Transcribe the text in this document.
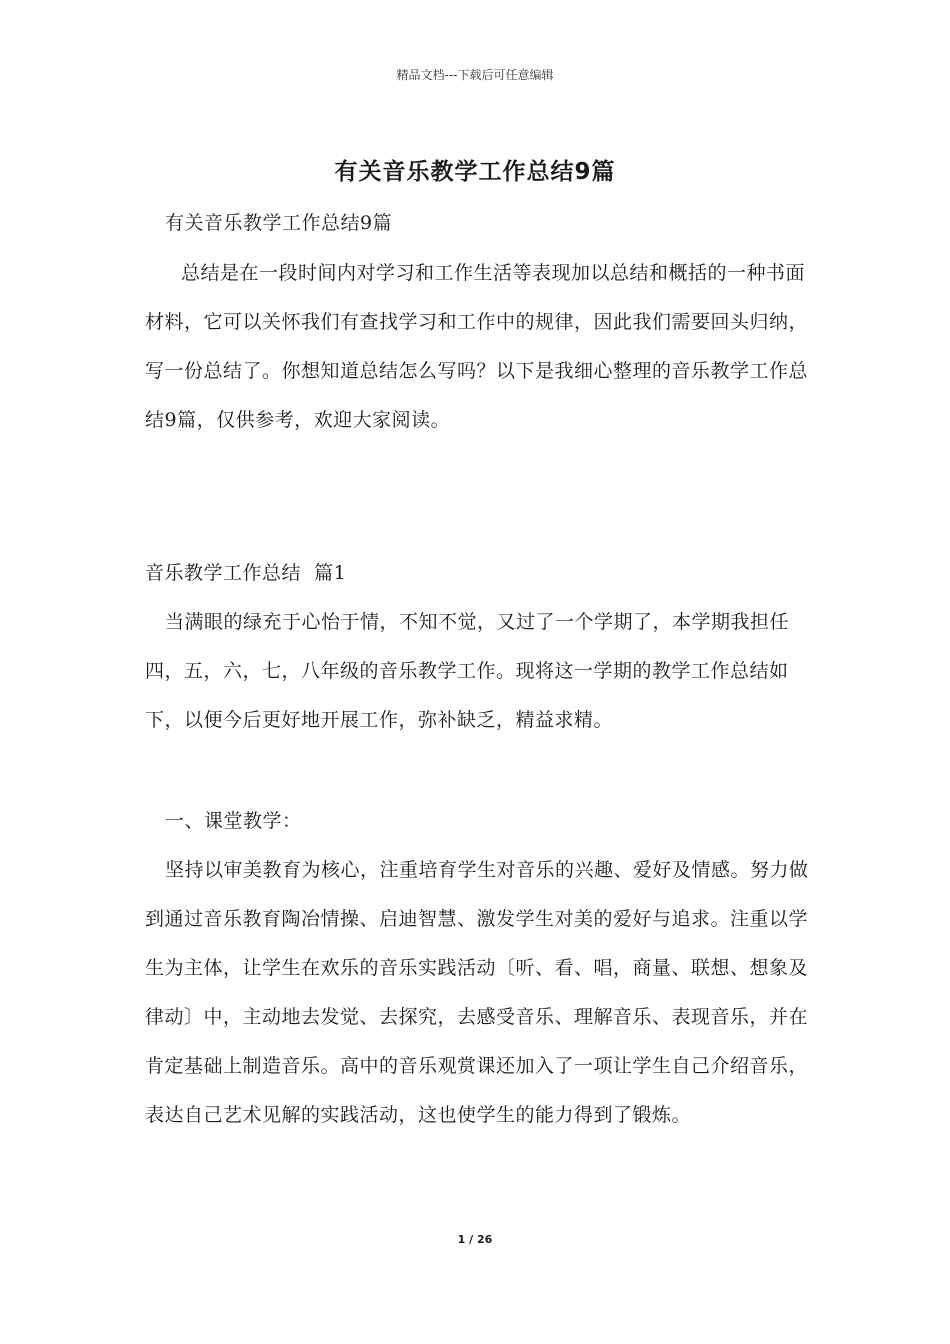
精品文档---下载后可任意编辑
有关音乐教学工作总结9篇

有关音乐教学工作总结9篇

总结是在一段时间内对学习和工作生活等表现加以总结和概括的一种书面材料，它可以关怀我们有查找学习和工作中的规律，因此我们需要回头归纳，写一份总结了。你想知道总结怎么写吗？以下是我细心整理的音乐教学工作总结9篇，仅供参考，欢迎大家阅读。

音乐教学工作总结  篇1

当满眼的绿充于心怡于情，不知不觉，又过了一个学期了，本学期我担任四，五，六，七，八年级的音乐教学工作。现将这一学期的教学工作总结如下，以便今后更好地开展工作，弥补缺乏，精益求精。

一、课堂教学：

坚持以审美教育为核心，注重培育学生对音乐的兴趣、爱好及情感。努力做到通过音乐教育陶冶情操、启迪智慧、激发学生对美的爱好与追求。注重以学生为主体，让学生在欢乐的音乐实践活动〔听、看、唱，商量、联想、想象及律动〕中，主动地去发觉、去探究，去感受音乐、理解音乐、表现音乐，并在肯定基础上制造音乐。高中的音乐观赏课还加入了一项让学生自己介绍音乐，表达自己艺术见解的实践活动，这也使学生的能力得到了锻炼。

1 / 26
